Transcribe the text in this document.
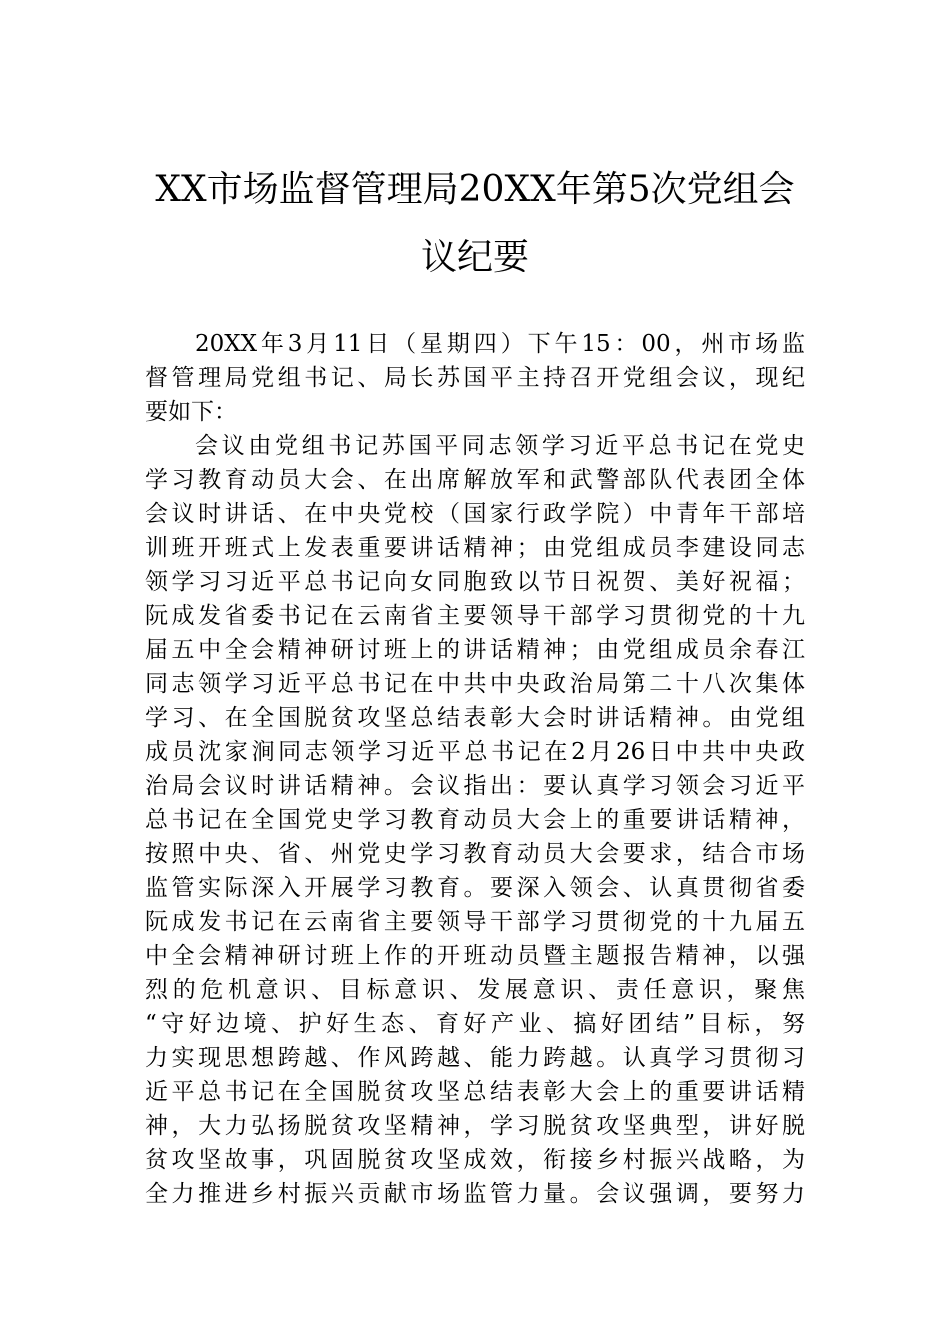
XX市场监督管理局20XX年第5次党组会
议纪要
20XX年3月11日（星期四）下午15：00，州市场监
督管理局党组书记、局长苏国平主持召开党组会议，现纪
要如下：
会议由党组书记苏国平同志领学习近平总书记在党史
学习教育动员大会、在出席解放军和武警部队代表团全体
会议时讲话、在中央党校（国家行政学院）中青年干部培
训班开班式上发表重要讲话精神；由党组成员李建设同志
领学习习近平总书记向女同胞致以节日祝贺、美好祝福；
阮成发省委书记在云南省主要领导干部学习贯彻党的十九
届五中全会精神研讨班上的讲话精神；由党组成员余春江
同志领学习近平总书记在中共中央政治局第二十八次集体
学习、在全国脱贫攻坚总结表彰大会时讲话精神。由党组
成员沈家涧同志领学习近平总书记在2月26日中共中央政
治局会议时讲话精神。会议指出：要认真学习领会习近平
总书记在全国党史学习教育动员大会上的重要讲话精神，
按照中央、省、州党史学习教育动员大会要求，结合市场
监管实际深入开展学习教育。要深入领会、认真贯彻省委
阮成发书记在云南省主要领导干部学习贯彻党的十九届五
中全会精神研讨班上作的开班动员暨主题报告精神，以强
烈的危机意识、目标意识、发展意识、责任意识，聚焦
“守好边境、护好生态、育好产业、搞好团结”目标，努
力实现思想跨越、作风跨越、能力跨越。认真学习贯彻习
近平总书记在全国脱贫攻坚总结表彰大会上的重要讲话精
神，大力弘扬脱贫攻坚精神，学习脱贫攻坚典型，讲好脱
贫攻坚故事，巩固脱贫攻坚成效，衔接乡村振兴战略，为
全力推进乡村振兴贡献市场监管力量。会议强调，要努力
